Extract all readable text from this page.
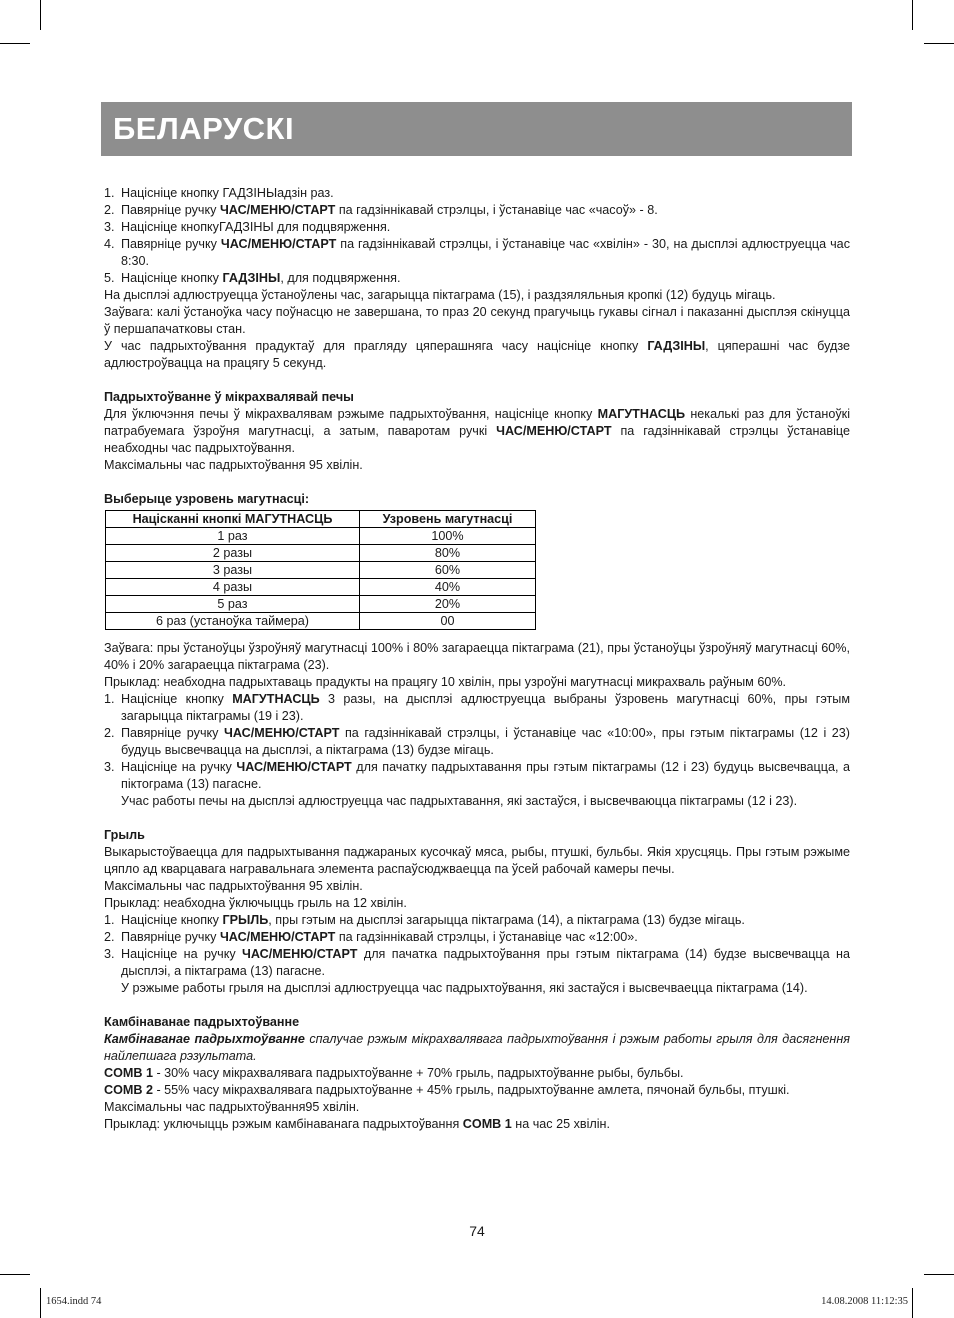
БЕЛАРУСКІ
1. Націсніце кнопку ГАДЗІНЫадзін раз.
2. Павярніце ручку ЧАС/МЕНЮ/СТАРТ па гадзіннікавай стрэлцы, і ўстанавіце час «часоў» - 8.
3. Націсніце кнопкуГАДЗІНЫ для подцвярження.
4. Павярніце ручку ЧАС/МЕНЮ/СТАРТ па гадзіннікавай стрэлцы, і ўстанавіце час «хвілін» - 30, на дысплэі адлюструецца час 8:30.
5. Націсніце кнопку ГАДЗІНЫ, для подцвярження.

На дысплэі адлюструецца ўстаноўлены час, загарыцца піктаграма (15), і раздзяляльныя кропкі (12) будуць мігаць.

Заўвага: калі ўстаноўка часу поўнасцю не завершана, то праз 20 секунд прагучыць гукавы сігнал і паказанні дысплэя скінуцца ў першапачатковы стан.

У час падрыхтоўвання прадуктаў для прагляду цяперашняга часу націсніце кнопку ГАДЗІНЫ, цяперашні час будзе адлюстроўвацца на працягу 5 секунд.

Падрыхтоўванне ў мікрахвалявай печы

Для ўключэння печы ў мікрахвалявам рэжыме падрыхтоўвання, націсніце кнопку МАГУТНАСЦЬ некалькі раз для ўстаноўкі патрабуемага ўзроўня магутнасці, а затым, паваротам ручкі ЧАС/МЕНЮ/СТАРТ па гадзіннікавай стрэлцы ўстанавіце неабходны час падрыхтоўвання.

Максімальны час падрыхтоўвання 95 хвілін.

Выберыце узровень магутнасці:

Націсканні кнопкі МАГУТНАСЦЬ	Узровень магутнасці
1 раз	100%
2 разы	80%
3 разы	60%
4 разы	40%
5 раз	20%
6 раз (устаноўка таймера)	00

Заўвага: пры ўстаноўцы ўзроўняў магутнасці 100% і 80% загараецца піктаграма (21), пры ўстаноўцы ўзроўняў магутнасці 60%, 40% і 20% загараецца піктаграма (23).

Прыклад: неабходна падрыхтаваць прадукты на працягу 10 хвілін, пры узроўні магутнасці микрахваль раўным 60%.

1. Націсніце кнопку МАГУТНАСЦЬ 3 разы, на дысплэі адлюструецца выбраны ўзровень магутнасці 60%, пры гэтым загарыцца піктаграмы (19 і 23).
2. Павярніце ручку ЧАС/МЕНЮ/СТАРТ па гадзіннікавай стрэлцы, і ўстанавіце час «10:00», пры гэтым піктаграмы (12 і 23) будуць высвечвацца на дысплэі, а піктаграма (13) будзе мігаць.
3. Націсніце на ручку ЧАС/МЕНЮ/СТАРТ для пачатку падрыхтавання пры гэтым піктаграмы (12 і 23) будуць высвечвацца, а піктограма (13) пагасне.

Учас работы печы на дысплэі адлюструецца час падрыхтавання, які застаўся, і высвечваюцца піктаграмы (12 і 23).

Грыль

Выкарыстоўваецца для падрыхтывання паджараных кусочкаў мяса, рыбы, птушкі, бульбы. Якія хрусцяць. Пры гэтым рэжыме цяпло ад кварцавага награвальнага элемента распаўсюджваецца па ўсей рабочай камеры печы.

Максімальны час падрыхтоўвання 95 хвілін.

Прыклад: неабходна ўключыцць грыль на 12 хвілін.

1. Націсніце кнопку ГРЫЛЬ, пры гэтым на дысплэі загарыцца піктаграма (14), а піктаграма (13) будзе мігаць.
2. Павярніце ручку ЧАС/МЕНЮ/СТАРТ па гадзіннікавай стрэлцы, і ўстанавіце час «12:00».
3. Націсніце на ручку ЧАС/МЕНЮ/СТАРТ для пачатка падрыхтоўвання пры гэтым піктаграма (14) будзе высвечвацца на дысплэі, а піктаграма (13) пагасне.

У рэжыме работы грыля на дысплэі адлюструецца час падрыхтоўвання, які застаўся і высвечваецца піктаграма (14).

Камбінаванае падрыхтоўванне

Камбінаванае падрыхтоўванне спалучае рэжым мікрахвалявага падрыхтоўвання і рэжым работы грыля для дасягнення найлепшага рэзультата.

COMB 1 - 30% часу мікрахвалявага падрыхтоўванне + 70% грыль, падрыхтоўванне рыбы, бульбы.

COMB 2 - 55% часу мікрахвалявага падрыхтоўванне + 45% грыль, падрыхтоўванне амлета, пячонай бульбы, птушкі.

Максімальны час падрыхтоўвання95 хвілін.

Прыклад: уключыцць рэжым камбінаванага падрыхтоўвання COMB 1 на час 25 хвілін.

74
1654.indd 74	14.08.2008 11:12:35
